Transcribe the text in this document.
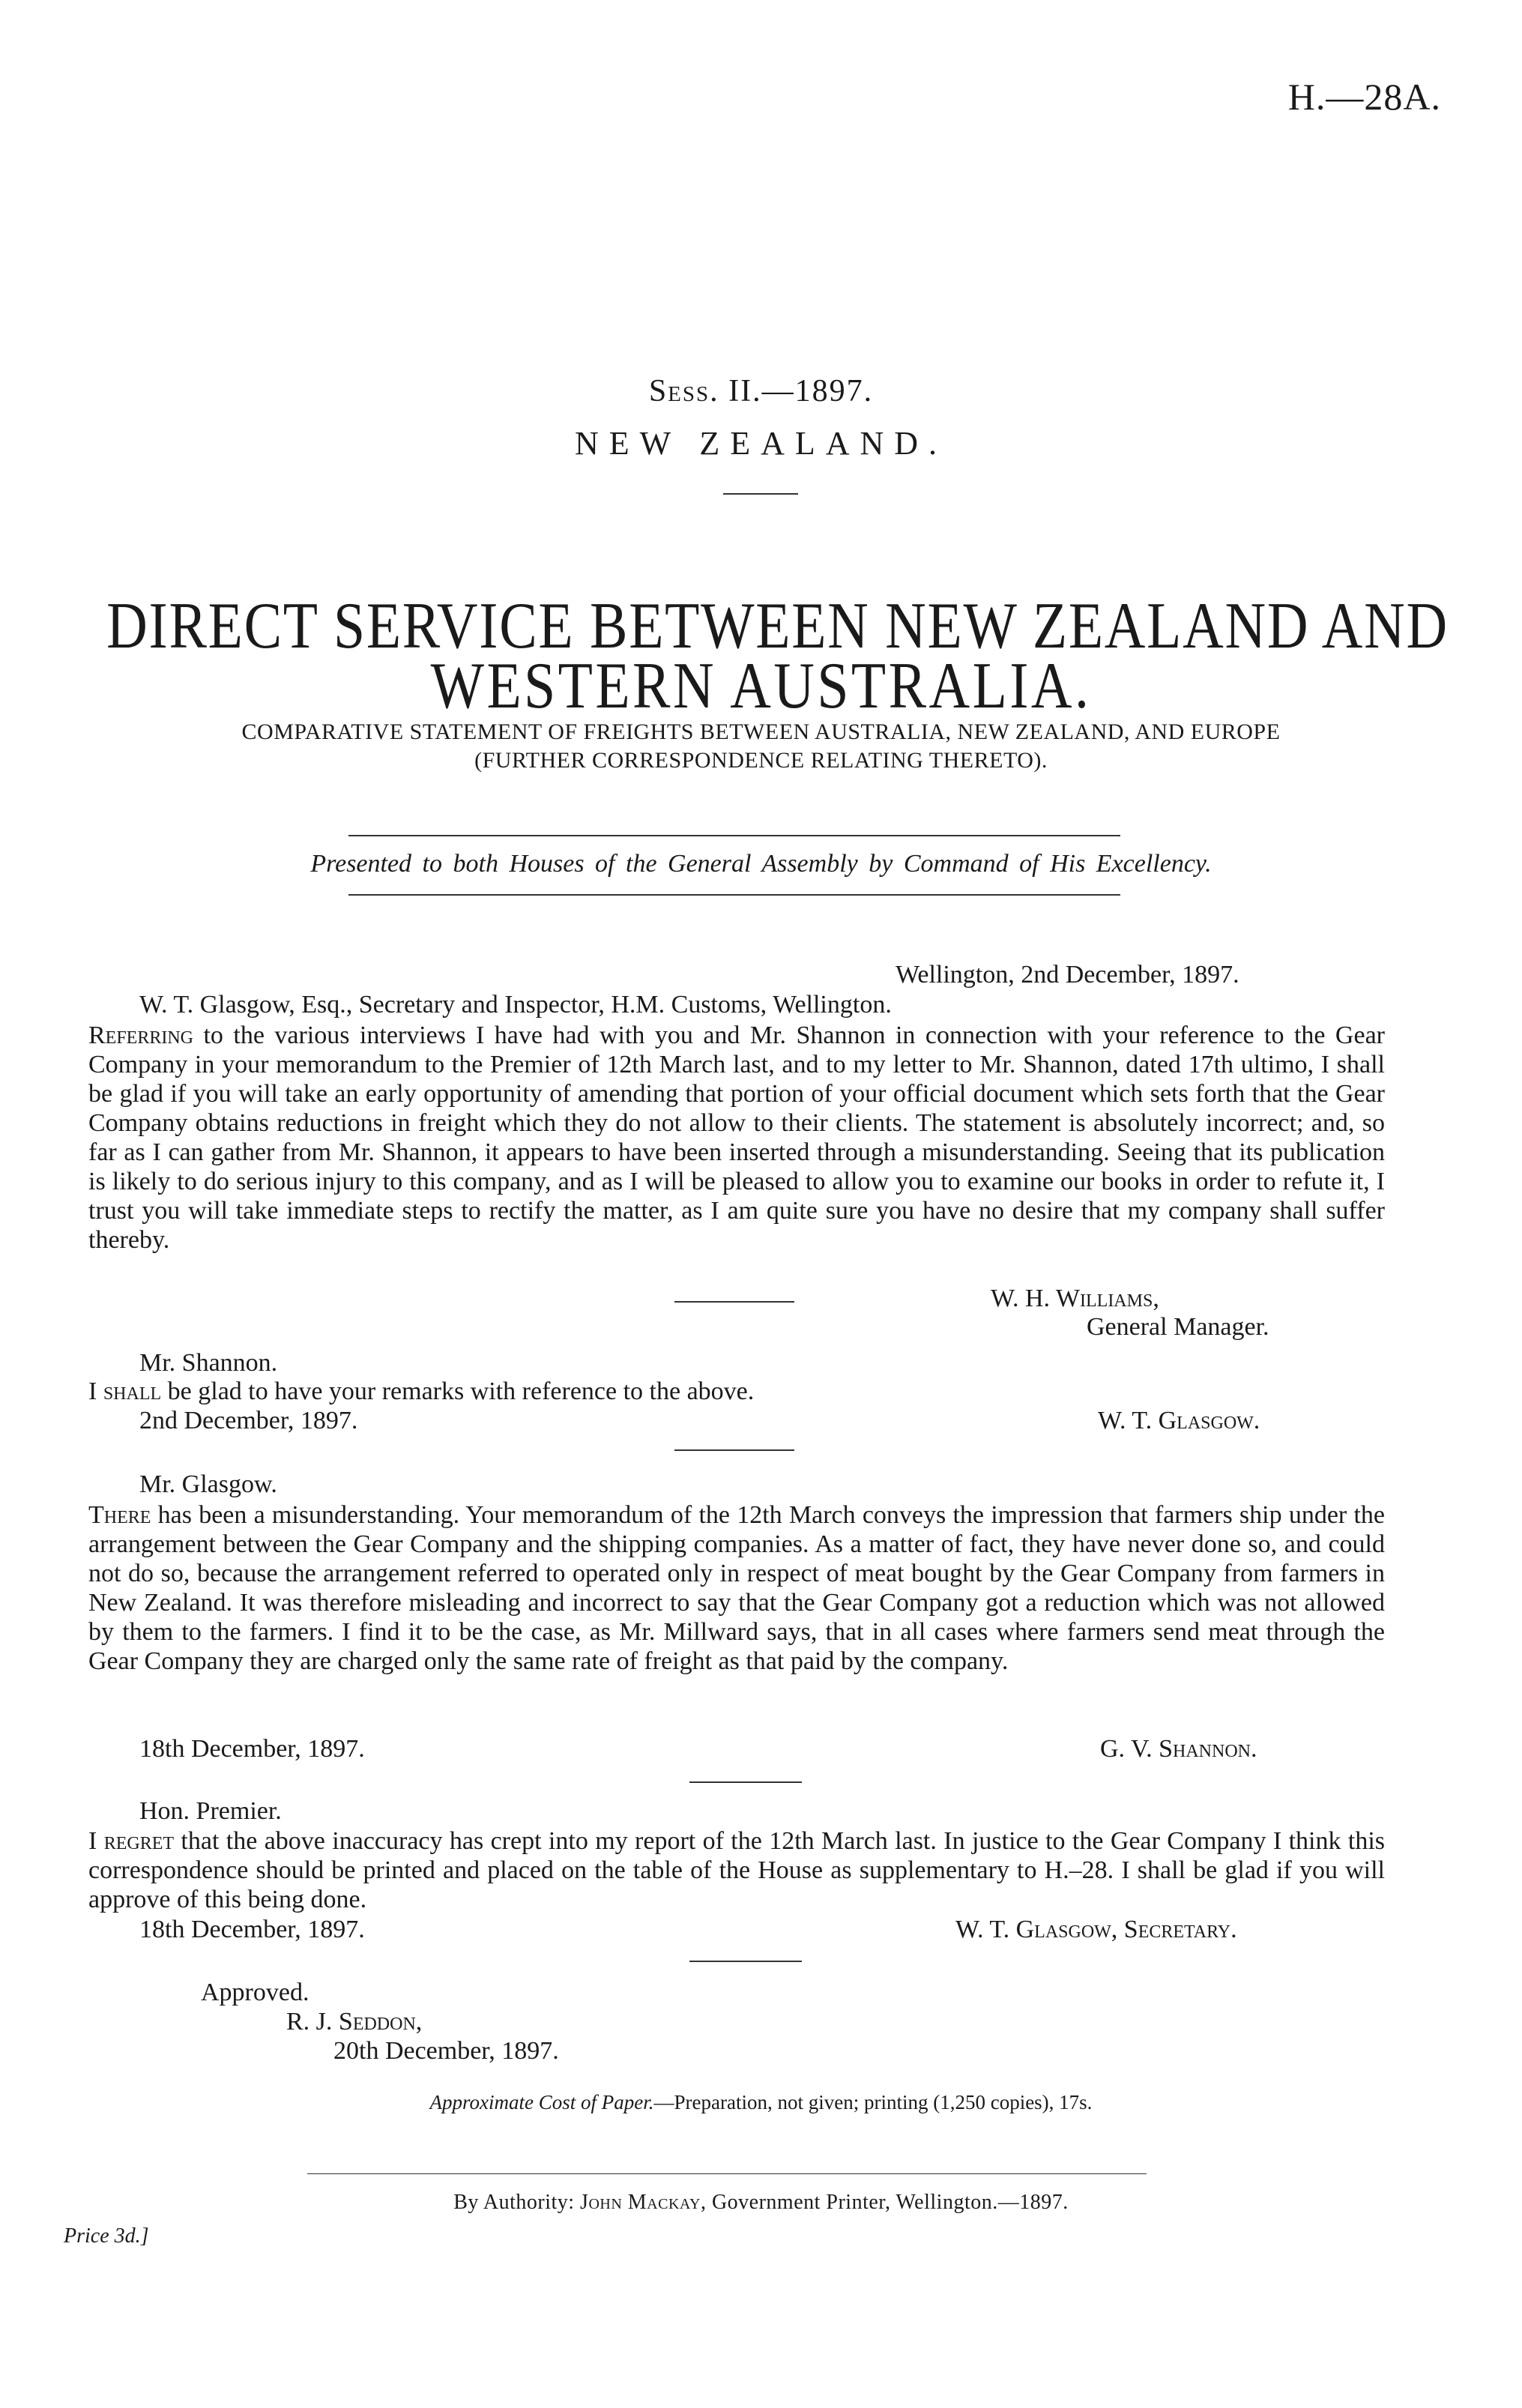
H.—28A.
Sess. II.—1897.
NEW ZEALAND.
DIRECT SERVICE BETWEEN NEW ZEALAND AND
WESTERN AUSTRALIA.
COMPARATIVE STATEMENT OF FREIGHTS BETWEEN AUSTRALIA, NEW ZEALAND, AND EUROPE
(FURTHER CORRESPONDENCE RELATING THERETO).
Presented to both Houses of the General Assembly by Command of His Excellency.
Wellington, 2nd December, 1897.
W. T. Glasgow, Esq., Secretary and Inspector, H.M. Customs, Wellington.
Referring to the various interviews I have had with you and Mr. Shannon in connection with your reference to the Gear Company in your memorandum to the Premier of 12th March last, and to my letter to Mr. Shannon, dated 17th ultimo, I shall be glad if you will take an early opportunity of amending that portion of your official document which sets forth that the Gear Company obtains reductions in freight which they do not allow to their clients. The statement is absolutely incorrect; and, so far as I can gather from Mr. Shannon, it appears to have been inserted through a misunderstanding. Seeing that its publication is likely to do serious injury to this company, and as I will be pleased to allow you to examine our books in order to refute it, I trust you will take immediate steps to rectify the matter, as I am quite sure you have no desire that my company shall suffer thereby.
W. H. Williams,
General Manager.
Mr. Shannon.
I shall be glad to have your remarks with reference to the above.
2nd December, 1897.	W. T. Glasgow.
Mr. Glasgow.
There has been a misunderstanding. Your memorandum of the 12th March conveys the impression that farmers ship under the arrangement between the Gear Company and the shipping companies. As a matter of fact, they have never done so, and could not do so, because the arrangement referred to operated only in respect of meat bought by the Gear Company from farmers in New Zealand. It was therefore misleading and incorrect to say that the Gear Company got a reduction which was not allowed by them to the farmers. I find it to be the case, as Mr. Millward says, that in all cases where farmers send meat through the Gear Company they are charged only the same rate of freight as that paid by the company.
18th December, 1897.	G. V. Shannon.
Hon. Premier.
I regret that the above inaccuracy has crept into my report of the 12th March last. In justice to the Gear Company I think this correspondence should be printed and placed on the table of the House as supplementary to H.–28. I shall be glad if you will approve of this being done.
18th December, 1897.	W. T. Glasgow, Secretary.
Approved.
R. J. Seddon,
20th December, 1897.
Approximate Cost of Paper.—Preparation, not given; printing (1,250 copies), 17s.
By Authority: John Mackay, Government Printer, Wellington.—1897.
Price 3d.]
